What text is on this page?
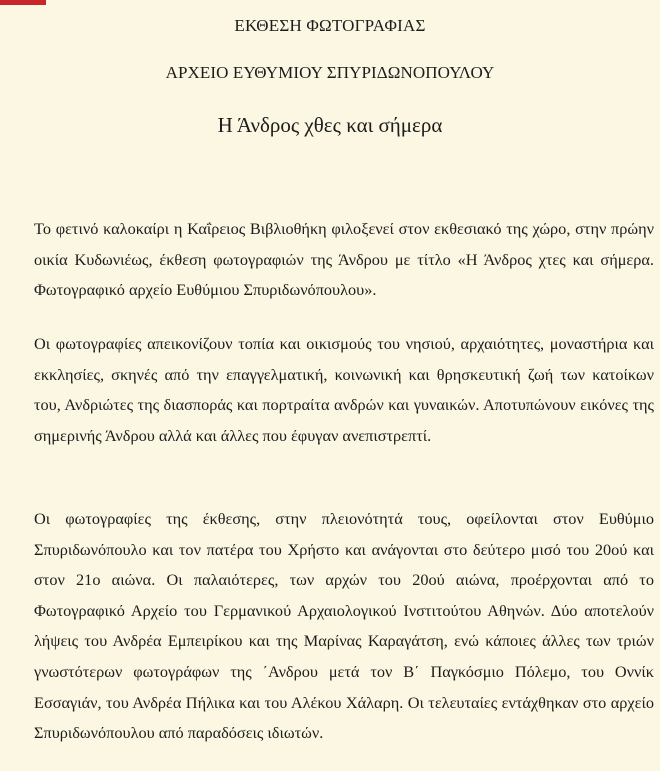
ΕΚΘΕΣΗ ΦΩΤΟΓΡΑΦΙΑΣ
ΑΡΧΕΙΟ ΕΥΘΥΜΙΟΥ ΣΠΥΡΙΔΩΝΟΠΟΥΛΟΥ
Η Άνδρος χθες και σήμερα
Το φετινό καλοκαίρι η Καΐρειος Βιβλιοθήκη φιλοξενεί στον εκθεσιακό της χώρο, στην πρώην οικία Κυδωνιέως, έκθεση φωτογραφιών της Άνδρου με τίτλο «Η Άνδρος χτες και σήμερα. Φωτογραφικό αρχείο Ευθύμιου Σπυριδωνόπουλου».
Οι φωτογραφίες απεικονίζουν τοπία και οικισμούς του νησιού, αρχαιότητες, μοναστήρια και εκκλησίες, σκηνές από την επαγγελματική, κοινωνική και θρησκευτική ζωή των κατοίκων του, Ανδριώτες της διασποράς και πορτραίτα ανδρών και γυναικών. Αποτυπώνουν εικόνες της σημερινής Άνδρου αλλά και άλλες που έφυγαν ανεπιστρεπτί.
Οι φωτογραφίες της έκθεσης, στην πλειονότητά τους, οφείλονται στον Ευθύμιο Σπυριδωνόπουλο και τον πατέρα του Χρήστο και ανάγονται στο δεύτερο μισό του 20ού και στον 21ο αιώνα. Οι παλαιότερες, των αρχών του 20ού αιώνα, προέρχονται από το Φωτογραφικό Αρχείο του Γερμανικού Αρχαιολογικού Ινστιτούτου Αθηνών. Δύο αποτελούν λήψεις του Ανδρέα Εμπειρίκου και της Μαρίνας Καραγάτση, ενώ κάποιες άλλες των τριών γνωστότερων φωτογράφων της ΄Ανδρου μετά τον Β΄ Παγκόσμιο Πόλεμο, του Οννίκ Εσσαγιάν, του Ανδρέα Πήλικα και του Αλέκου Χάλαρη. Οι τελευταίες εντάχθηκαν στο αρχείο Σπυριδωνόπουλου από παραδόσεις ιδιωτών.
